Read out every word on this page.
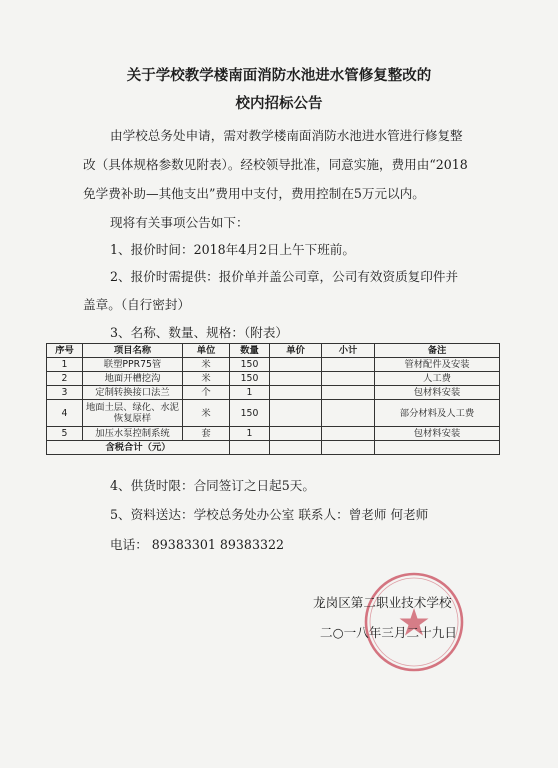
关于学校教学楼南面消防水池进水管修复整改的
校内招标公告
由学校总务处申请，需对教学楼南面消防水池进水管进行修复整
改（具体规格参数见附表）。经校领导批准，同意实施，费用由“2018
免学费补助—其他支出”费用中支付，费用控制在5万元以内。
现将有关事项公告如下：
1、报价时间：2018年4月2日上午下班前。
2、报价时需提供：报价单并盖公司章，公司有效资质复印件并
盖章。（自行密封）
3、名称、数量、规格：（附表）
序号	项目名称	单位	数量	单价	小计	备注
1	联塑PPR75管	米	150			管材配件及安装
2	地面开槽挖沟	米	150			人工费
3	定制转换接口法兰	个	1			包材料安装
4	地面土层、绿化、水泥恢复原样	米	150			部分材料及人工费
5	加压水泵控制系统	套	1			包材料安装
含税合计（元）						
4、供货时限：合同签订之日起5天。
5、资料送达：学校总务处办公室 联系人：曾老师 何老师
电话： 89383301 89383322
龙岗区第二职业技术学校
二○一八年三月二十九日
